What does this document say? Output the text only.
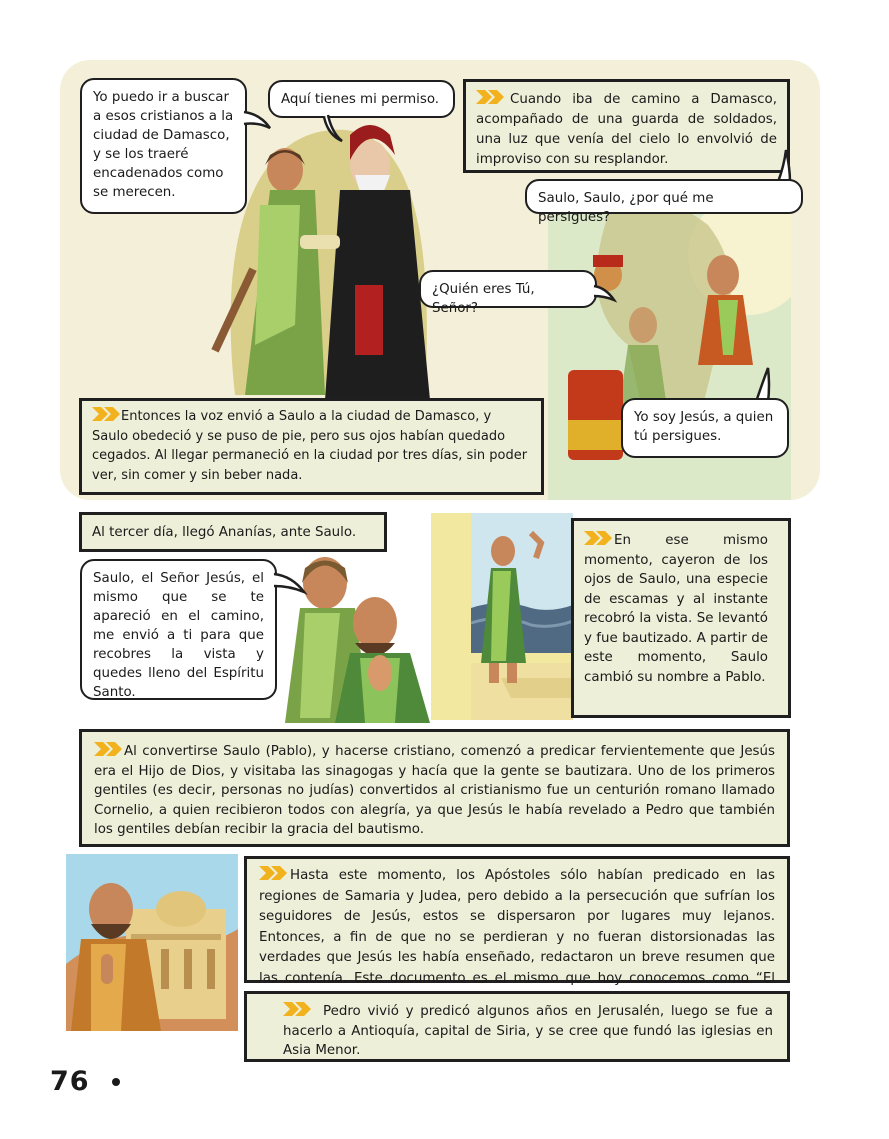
Yo puedo ir a buscar a esos cristianos a la ciudad de Damasco, y se los traeré encadenados como se merecen.
Aquí tienes mi permiso.	Cuando iba de camino a Damasco, acompañado de una guarda de soldados, una luz que venía del cielo lo envolvió de improviso con su resplandor.
Saulo, Saulo, ¿por qué me persigues?
¿Quién eres Tú, Señor?
Yo soy Jesús, a quien tú persigues.
Entonces la voz envió a Saulo a la ciudad de Damasco, y Saulo obedeció y se puso de pie, pero sus ojos habían quedado cegados. Al llegar permaneció en la ciudad por tres días, sin poder ver, sin comer y sin beber nada.
Al tercer día, llegó Ananías, ante Saulo.
Saulo, el Señor Jesús, el mismo que se te apareció en el camino, me envió a ti para que recobres la vista y quedes lleno del Espíritu Santo.
En ese mismo momento, cayeron de los ojos de Saulo, una especie de escamas y al instante recobró la vista. Se levantó y fue bautizado. A partir de este momento, Saulo cambió su nombre a Pablo.
Al convertirse Saulo (Pablo), y hacerse cristiano, comenzó a predicar fervientemente que Jesús era el Hijo de Dios, y visitaba las sinagogas y hacía que la gente se bautizara. Uno de los primeros gentiles (es decir, personas no judías) convertidos al cristianismo fue un centurión romano llamado Cornelio, a quien recibieron todos con alegría, ya que Jesús le había revelado a Pedro que también los gentiles debían recibir la gracia del bautismo.
Hasta este momento, los Apóstoles sólo habían predicado en las regiones de Samaria y Judea, pero debido a la persecución que sufrían los seguidores de Jesús, estos se dispersaron por lugares muy lejanos. Entonces, a fin de que no se perdieran y no fueran distorsionadas las verdades que Jesús les había enseñado, redactaron un breve resumen que las contenía. Este documento es el mismo que hoy conocemos como “El
Pedro vivió y predicó algunos años en Jerusalén, luego se fue a hacerlo a Antioquía, capital de Siria, y se cree que fundó las iglesias en Asia Menor.
76
